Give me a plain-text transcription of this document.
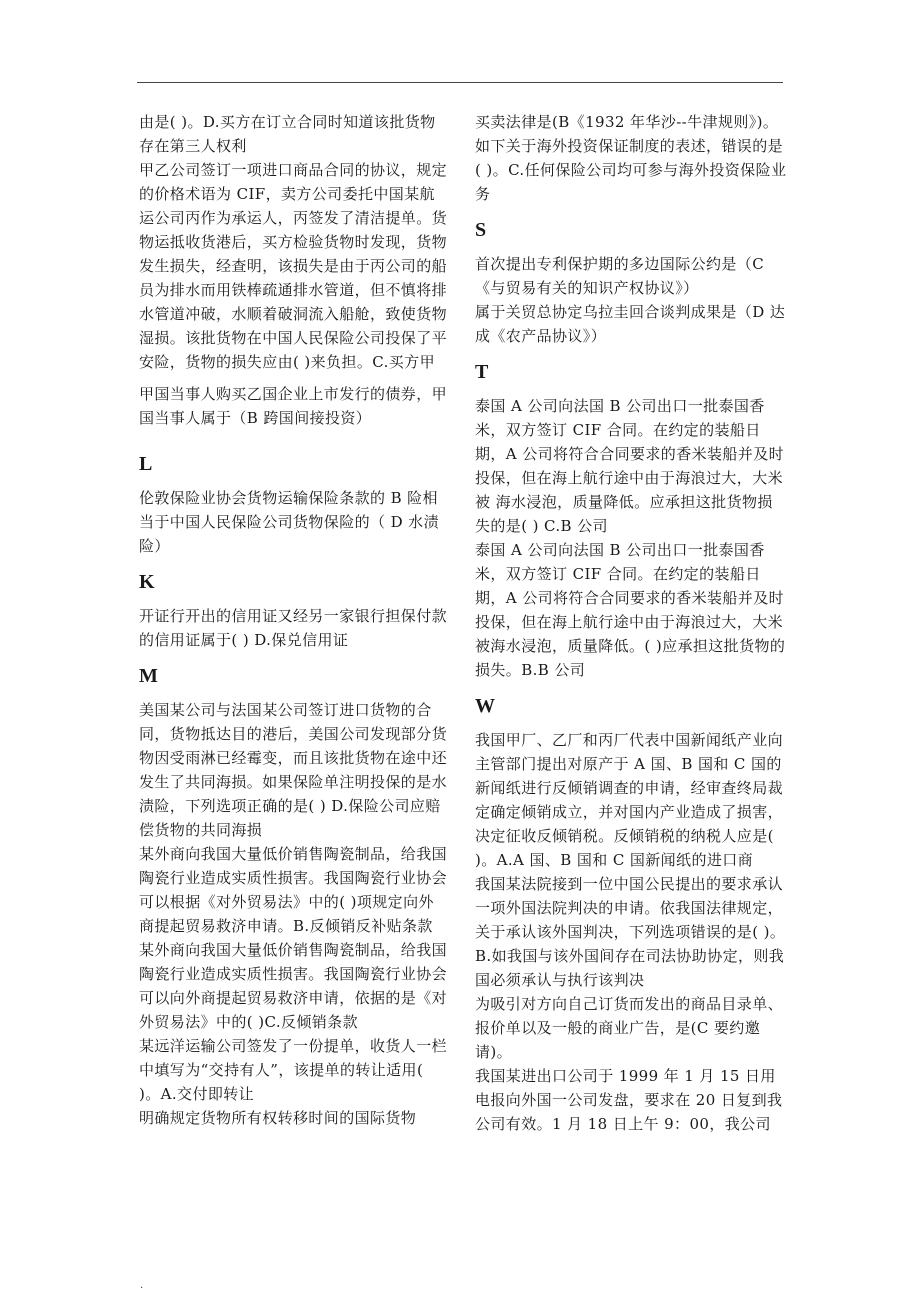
由是( )。D.买方在订立合同时知道该批货物存在第三人权利

甲乙公司签订一项进口商品合同的协议，规定的价格术语为 CIF，卖方公司委托中国某航运公司丙作为承运人，丙签发了清洁提单。货物运抵收货港后，买方检验货物时发现，货物发生损失，经查明，该损失是由于丙公司的船员为排水而用铁棒疏通排水管道，但不慎将排水管道冲破，水顺着破洞流入船舱，致使货物湿损。该批货物在中国人民保险公司投保了平安险，货物的损失应由( )来负担。C.买方甲

甲国当事人购买乙国企业上市发行的债券，甲国当事人属于（B 跨国间接投资）

L

伦敦保险业协会货物运输保险条款的 B 险相当于中国人民保险公司货物保险的（ D 水渍险）

K

开证行开出的信用证又经另一家银行担保付款的信用证属于( ) D.保兑信用证

M

美国某公司与法国某公司签订进口货物的合同，货物抵达目的港后，美国公司发现部分货物因受雨淋已经霉变，而且该批货物在途中还发生了共同海损。如果保险单注明投保的是水渍险，下列选项正确的是( ) D.保险公司应赔偿货物的共同海损

某外商向我国大量低价销售陶瓷制品，给我国陶瓷行业造成实质性损害。我国陶瓷行业协会可以根据《对外贸易法》中的( )项规定向外商提起贸易救济申请。B.反倾销反补贴条款

某外商向我国大量低价销售陶瓷制品，给我国陶瓷行业造成实质性损害。我国陶瓷行业协会可以向外商提起贸易救济申请，依据的是《对外贸易法》中的( )C.反倾销条款

某远洋运输公司签发了一份提单，收货人一栏中填写为“交持有人”，该提单的转让适用( )。A.交付即转让

明确规定货物所有权转移时间的国际货物

买卖法律是(B《1932 年华沙--牛津规则》)。

如下关于海外投资保证制度的表述，错误的是( )。C.任何保险公司均可参与海外投资保险业务

S

首次提出专利保护期的多边国际公约是（C《与贸易有关的知识产权协议》）

属于关贸总协定乌拉圭回合谈判成果是（D 达成《农产品协议》）

T

泰国 A 公司向法国 B 公司出口一批泰国香米，双方签订 CIF 合同。在约定的装船日期，A 公司将符合合同要求的香米装船并及时投保，但在海上航行途中由于海浪过大，大米被 海水浸泡，质量降低。应承担这批货物损失的是( ) C.B 公司

泰国 A 公司向法国 B 公司出口一批泰国香米，双方签订 CIF 合同。在约定的装船日期，A 公司将符合合同要求的香米装船并及时投保，但在海上航行途中由于海浪过大，大米被海水浸泡，质量降低。( )应承担这批货物的损失。B.B 公司

W

我国甲厂、乙厂和丙厂代表中国新闻纸产业向主管部门提出对原产于 A 国、B 国和 C 国的新闻纸进行反倾销调查的申请，经审查终局裁定确定倾销成立，并对国内产业造成了损害，决定征收反倾销税。反倾销税的纳税人应是( )。A.A 国、B 国和 C 国新闻纸的进口商

我国某法院接到一位中国公民提出的要求承认一项外国法院判决的申请。依我国法律规定，关于承认该外国判决，下列选项错误的是( )。B.如我国与该外国间存在司法协助协定，则我国必须承认与执行该判决

为吸引对方向自己订货而发出的商品目录单、报价单以及一般的商业广告，是(C 要约邀请)。

我国某进出口公司于 1999 年 1 月 15 日用电报向外国一公司发盘，要求在 20 日复到我公司有效。1 月 18 日上午 9：00，我公司

.
